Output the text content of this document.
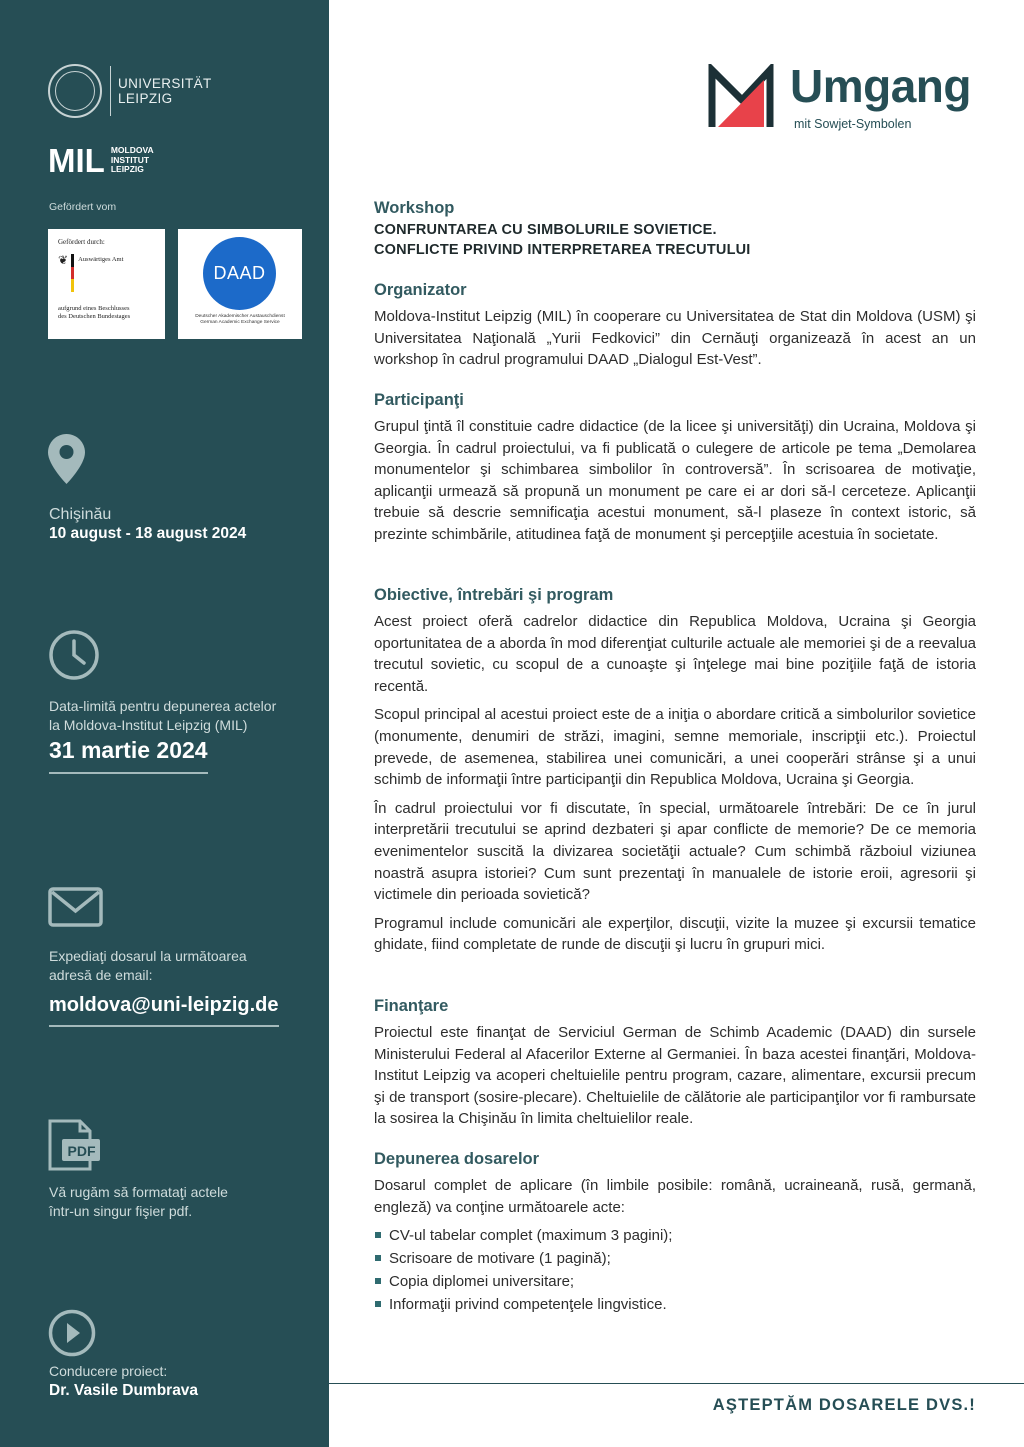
UNIVERSITÄT
LEIPZIG
MIL MOLDOVA
INSTITUT
LEIPZIG
Gefördert vom
Gefördert durch:
❦ Auswärtiges Amt
aufgrund eines Beschlusses
des Deutschen Bundestages
DAAD
Deutscher Akademischer Austauschdienst
German Academic Exchange Service
Chişinău
10 august - 18 august 2024
Data-limită pentru depunerea actelor
la Moldova-Institut Leipzig (MIL)
31 martie 2024
Expediaţi dosarul la următoarea
adresă de email:
moldova@uni-leipzig.de
PDF
Vă rugăm să formataţi actele
într-un singur fişier pdf.
Conducere proiect:
Dr. Vasile Dumbrava
Umgang
mit Sowjet-Symbolen
Workshop
CONFRUNTAREA CU SIMBOLURILE SOVIETICE.
CONFLICTE PRIVIND INTERPRETAREA TRECUTULUI
Organizator

Moldova-Institut Leipzig (MIL) în cooperare cu Universitatea de Stat din Moldova (USM) şi Universitatea Naţională „Yurii Fedkovici” din Cernăuţi organizează în acest an un workshop în cadrul programului DAAD „Dialogul Est-Vest”.

Participanţi

Grupul ţintă îl constituie cadre didactice (de la licee şi universităţi) din Ucraina, Moldova şi Georgia. În cadrul proiectului, va fi publicată o culegere de articole pe tema „Demolarea monumentelor şi schimbarea simbolilor în controversă”. În scrisoarea de motivaţie, aplicanţii urmează să propună un monument pe care ei ar dori să-l cerceteze. Aplicanţii trebuie să descrie semnificaţia acestui monument, să-l plaseze în context istoric, să prezinte schimbările, atitudinea faţă de monument şi percepţiile acestuia în societate.

Obiective, întrebări şi program

Acest proiect oferă cadrelor didactice din Republica Moldova, Ucraina şi Georgia oportunitatea de a aborda în mod diferenţiat culturile actuale ale memoriei şi de a reevalua trecutul sovietic, cu scopul de a cunoaşte şi înţelege mai bine poziţiile faţă de istoria recentă.

Scopul principal al acestui proiect este de a iniţia o abordare critică a simbolurilor sovietice (monumente, denumiri de străzi, imagini, semne memoriale, inscripţii etc.). Proiectul prevede, de asemenea, stabilirea unei comunicări, a unei cooperări strânse şi a unui schimb de informaţii între participanţii din Republica Moldova, Ucraina şi Georgia.

În cadrul proiectului vor fi discutate, în special, următoarele întrebări: De ce în jurul interpretării trecutului se aprind dezbateri şi apar conflicte de memorie? De ce memoria evenimentelor suscită la divizarea societăţii actuale? Cum schimbă războiul viziunea noastră asupra istoriei? Cum sunt prezentaţi în manualele de istorie eroii, agresorii şi victimele din perioada sovietică?

Programul include comunicări ale experţilor, discuţii, vizite la muzee şi excursii tematice ghidate, fiind completate de runde de discuţii şi lucru în grupuri mici.

Finanţare

Proiectul este finanţat de Serviciul German de Schimb Academic (DAAD) din sursele Ministerului Federal al Afacerilor Externe al Germaniei. În baza acestei finanţări, Moldova-Institut Leipzig va acoperi cheltuielile pentru program, cazare, alimentare, excursii precum şi de transport (sosire-plecare). Cheltuielile de călătorie ale participanţilor vor fi rambursate la sosirea la Chişinău în limita cheltuielilor reale.

Depunerea dosarelor

Dosarul complet de aplicare (în limbile posibile: română, ucraineană, rusă, germană, engleză) va conţine următoarele acte:

CV-ul tabelar complet (maximum 3 pagini);
Scrisoare de motivare (1 pagină);
Copia diplomei universitare;
Informaţii privind competenţele lingvistice.
AŞTEPTĂM DOSARELE DVS.!
